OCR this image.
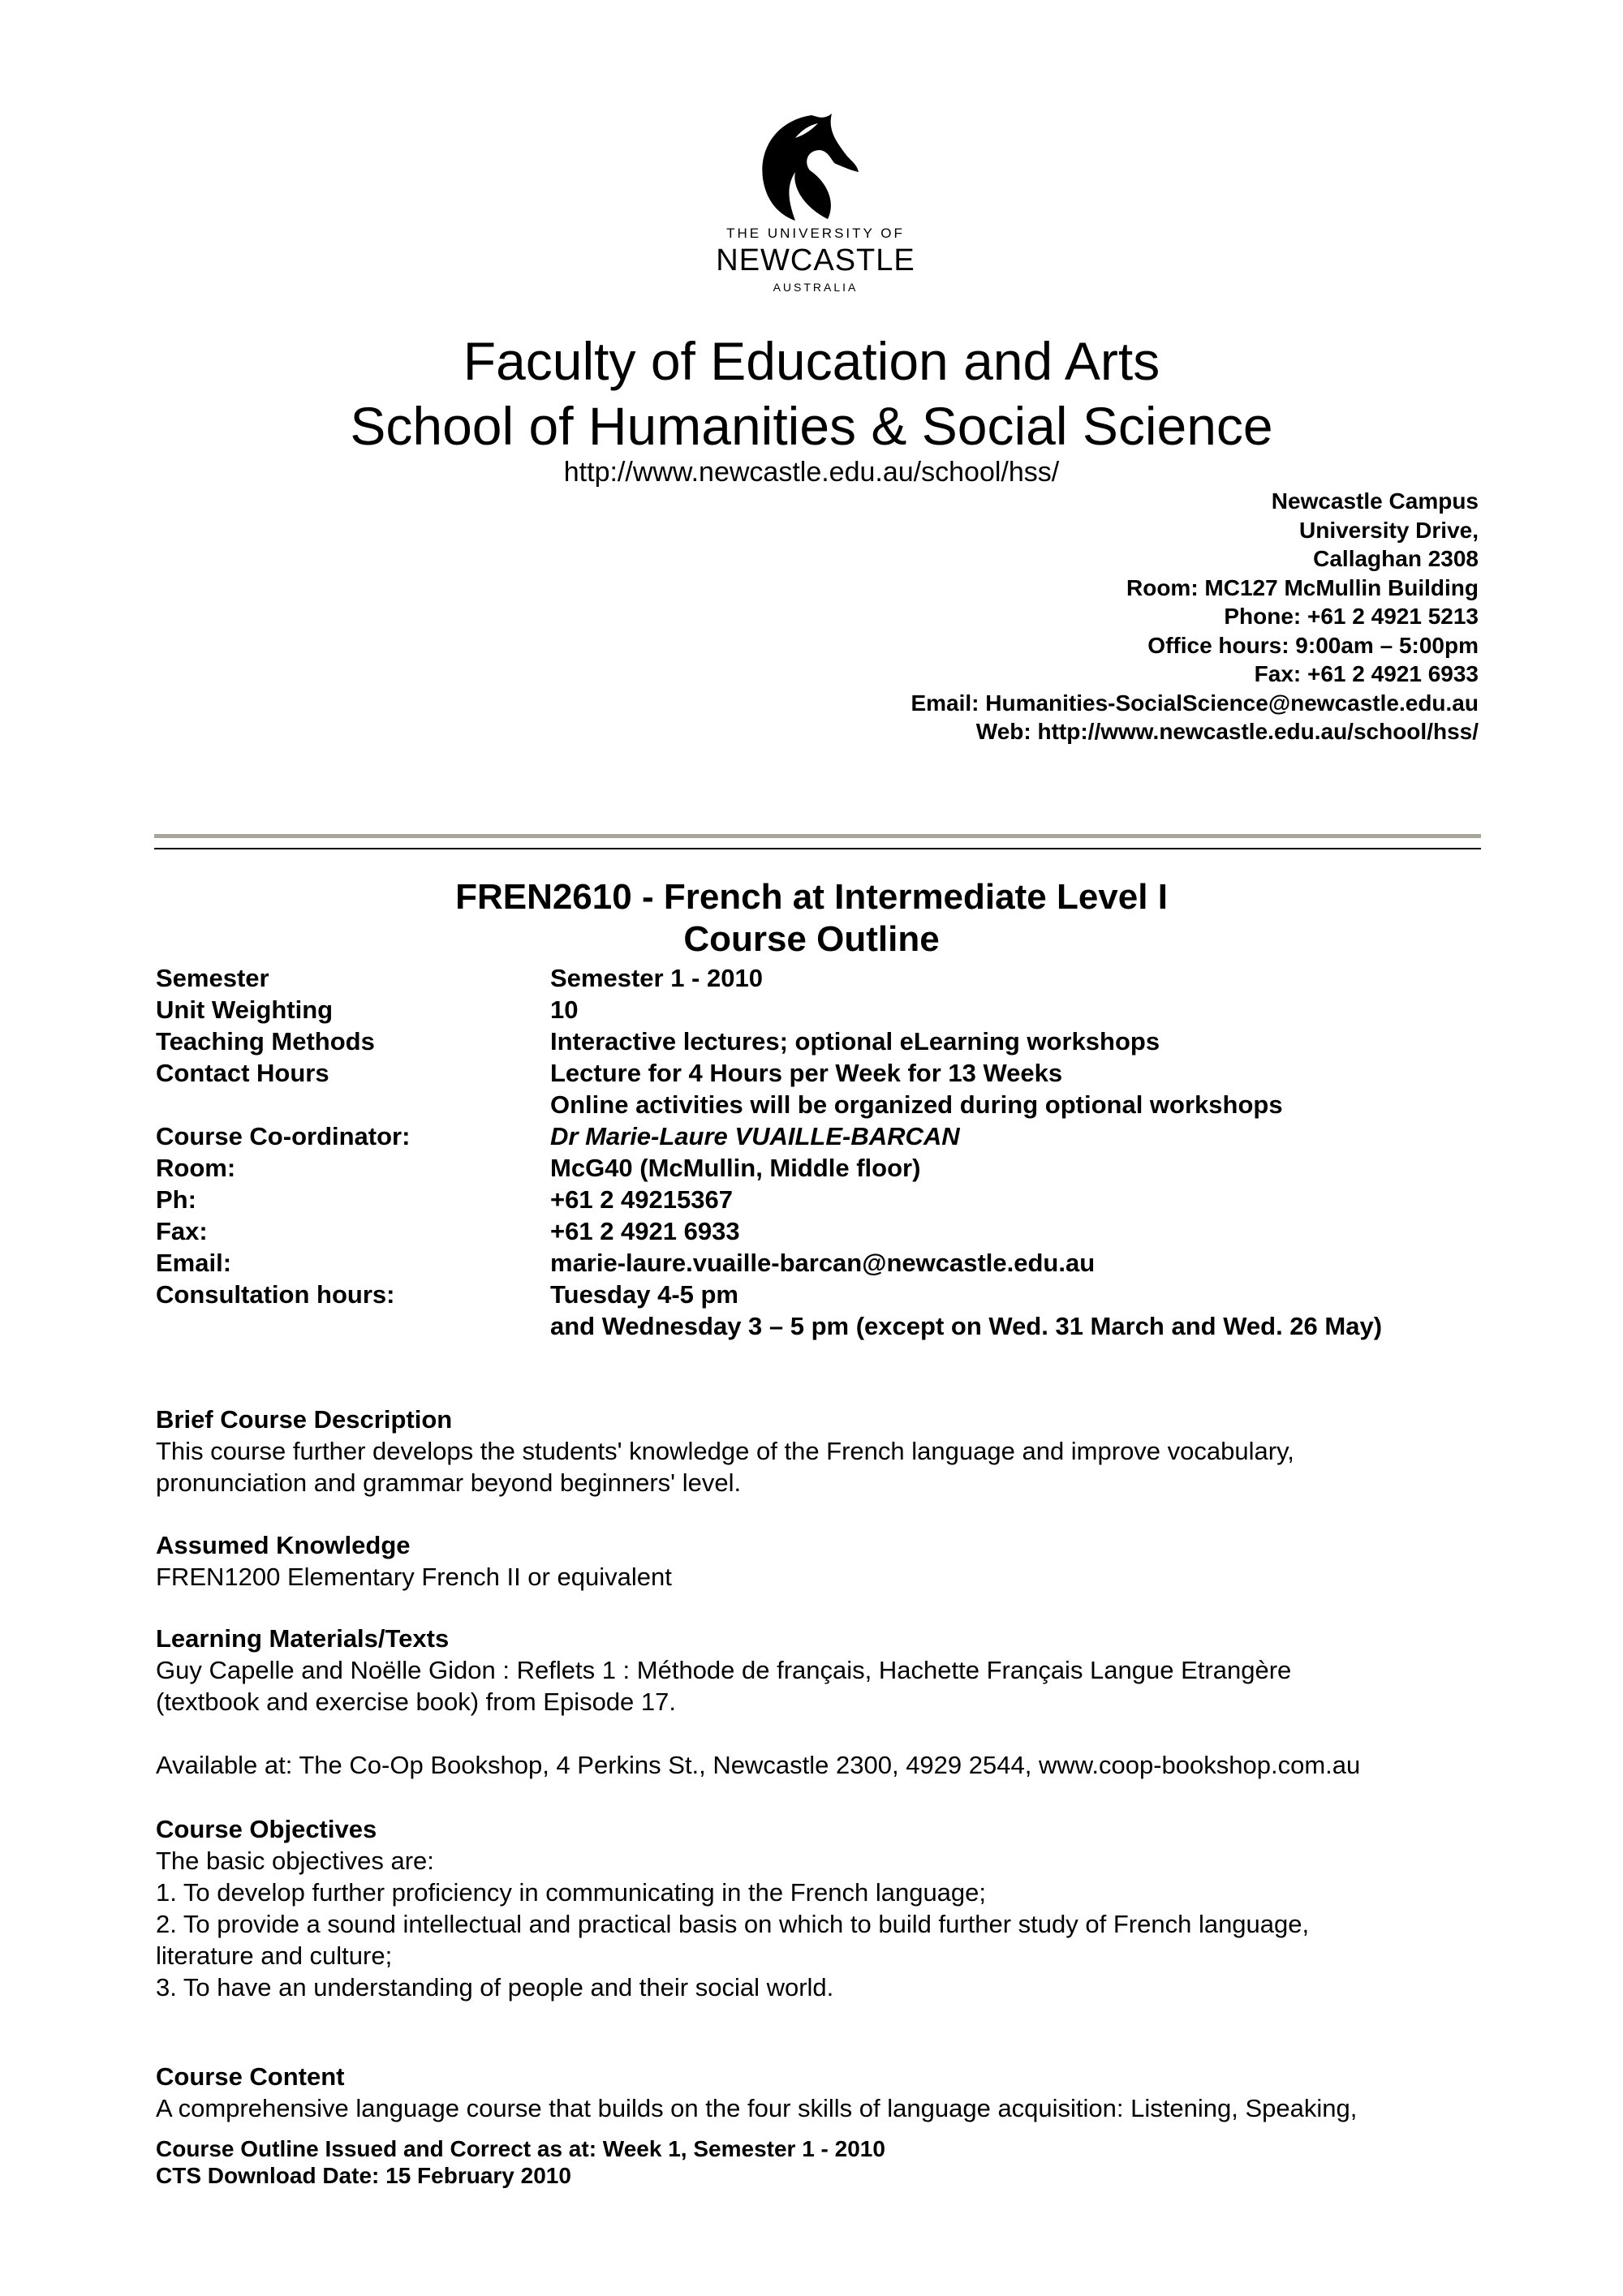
THE UNIVERSITY OF
NEWCASTLE
AUSTRALIA
Faculty of Education and Arts
School of Humanities & Social Science
http://www.newcastle.edu.au/school/hss/
Newcastle Campus
University Drive,
Callaghan 2308
Room: MC127 McMullin Building
Phone: +61 2 4921 5213
Office hours: 9:00am – 5:00pm
Fax: +61 2 4921 6933
Email: Humanities-SocialScience@newcastle.edu.au
Web: http://www.newcastle.edu.au/school/hss/
FREN2610 - French at Intermediate Level I
Course Outline
Semester	Semester 1 - 2010
Unit Weighting	10
Teaching Methods	Interactive lectures; optional eLearning workshops
Contact Hours	Lecture for 4 Hours per Week for 13 Weeks

Online activities will be organized during optional workshops
Course Co-ordinator:	Dr Marie-Laure VUAILLE-BARCAN
Room:	McG40 (McMullin, Middle floor)
Ph:	+61 2 49215367
Fax:	+61 2 4921 6933
Email:	marie-laure.vuaille-barcan@newcastle.edu.au
Consultation hours:	Tuesday 4-5 pm

and Wednesday 3 – 5 pm (except on Wed. 31 March and Wed. 26 May)
Brief Course Description
This course further develops the students' knowledge of the French language and improve vocabulary,
pronunciation and grammar beyond beginners' level.
Assumed Knowledge
FREN1200 Elementary French II or equivalent
Learning Materials/Texts
Guy Capelle and Noëlle Gidon : Reflets 1 : Méthode de français, Hachette Français Langue Etrangère
(textbook and exercise book) from Episode 17.
Available at: The Co-Op Bookshop, 4 Perkins St., Newcastle 2300, 4929 2544, www.coop-bookshop.com.au
Course Objectives
The basic objectives are:
1. To develop further proficiency in communicating in the French language;
2. To provide a sound intellectual and practical basis on which to build further study of French language,
literature and culture;
3. To have an understanding of people and their social world.
Course Content
A comprehensive language course that builds on the four skills of language acquisition: Listening, Speaking,
Course Outline Issued and Correct as at: Week 1, Semester 1 - 2010
CTS Download Date: 15 February 2010
